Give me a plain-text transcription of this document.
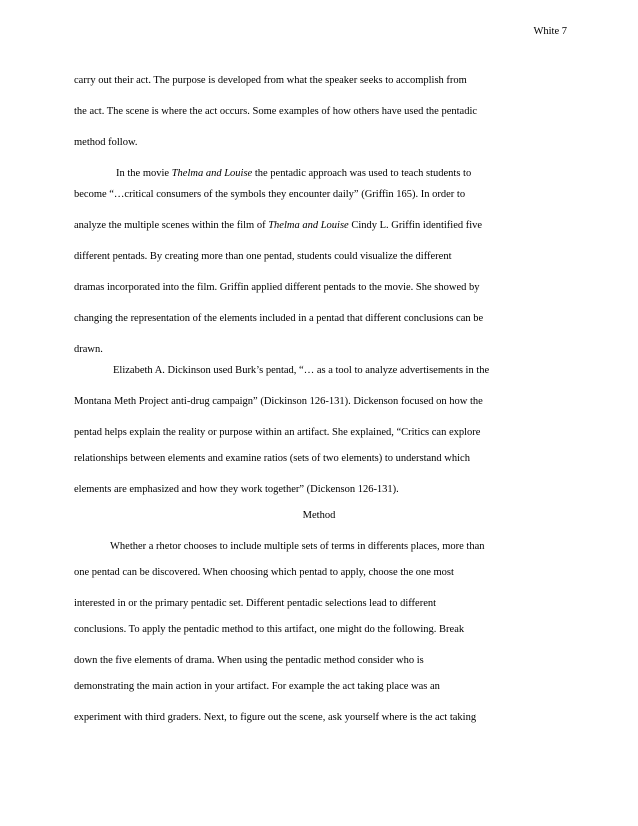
White 7
carry out their act. The purpose is developed from what the speaker seeks to accomplish from
the act. The scene is where the act occurs. Some examples of how others have used the pentadic
method follow.
In the movie Thelma and Louise the pentadic approach was used to teach students to
become “…critical consumers of the symbols they encounter daily” (Griffin 165). In order to
analyze the multiple scenes within the film of Thelma and Louise Cindy L. Griffin identified five
different pentads. By creating more than one pentad, students could visualize the different
dramas incorporated into the film. Griffin applied different pentads to the movie. She showed by
changing the representation of the elements included in a pentad that different conclusions can be
drawn.
Elizabeth A. Dickinson used Burk’s pentad, “… as a tool to analyze advertisements in the
Montana Meth Project anti-drug campaign” (Dickinson 126-131). Dickenson focused on how the
pentad helps explain the reality or purpose within an artifact. She explained, “Critics can explore
relationships between elements and examine ratios (sets of two elements) to understand which
elements are emphasized and how they work together” (Dickenson 126-131).
Method
Whether a rhetor chooses to include multiple sets of terms in differents places, more than
one pentad can be discovered. When choosing which pentad to apply, choose the one most
interested in or the primary pentadic set. Different pentadic selections lead to different
conclusions. To apply the pentadic method to this artifact, one might do the following. Break
down the five elements of drama. When using the pentadic method consider who is
demonstrating the main action in your artifact. For example the act taking place was an
experiment with third graders. Next, to figure out the scene, ask yourself where is the act taking
